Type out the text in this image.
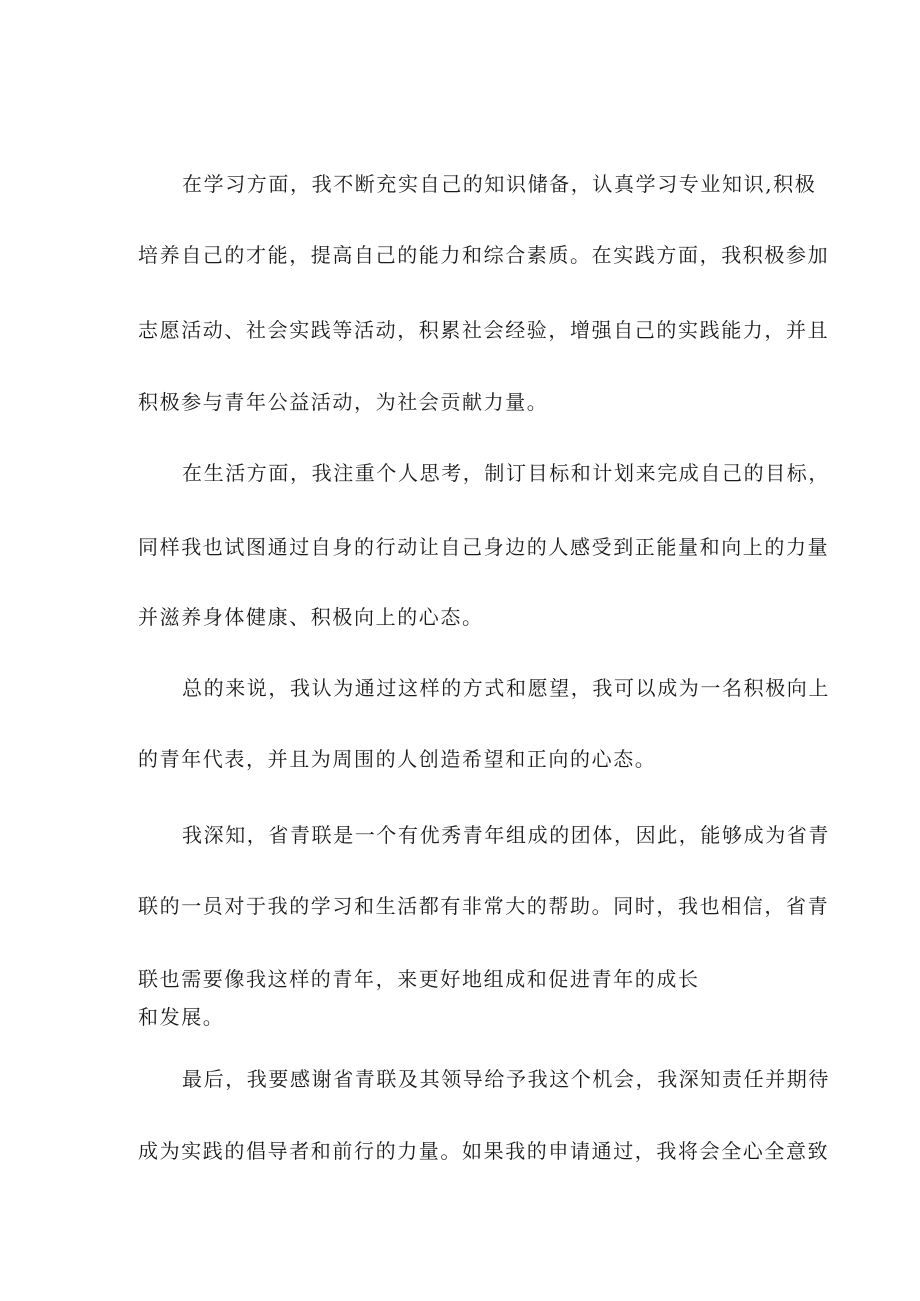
在学习方面，我不断充实自己的知识储备，认真学习专业知识,积极
培养自己的才能，提高自己的能力和综合素质。在实践方面，我积极参加
志愿活动、社会实践等活动，积累社会经验，增强自己的实践能力，并且
积极参与青年公益活动，为社会贡献力量。
在生活方面，我注重个人思考，制订目标和计划来完成自己的目标，
同样我也试图通过自身的行动让自己身边的人感受到正能量和向上的力量
并滋养身体健康、积极向上的心态。
总的来说，我认为通过这样的方式和愿望，我可以成为一名积极向上
的青年代表，并且为周围的人创造希望和正向的心态。
我深知，省青联是一个有优秀青年组成的团体，因此，能够成为省青
联的一员对于我的学习和生活都有非常大的帮助。同时，我也相信，省青
联也需要像我这样的青年，来更好地组成和促进青年的成长
和发展。
最后，我要感谢省青联及其领导给予我这个机会，我深知责任并期待
成为实践的倡导者和前行的力量。如果我的申请通过，我将会全心全意致
